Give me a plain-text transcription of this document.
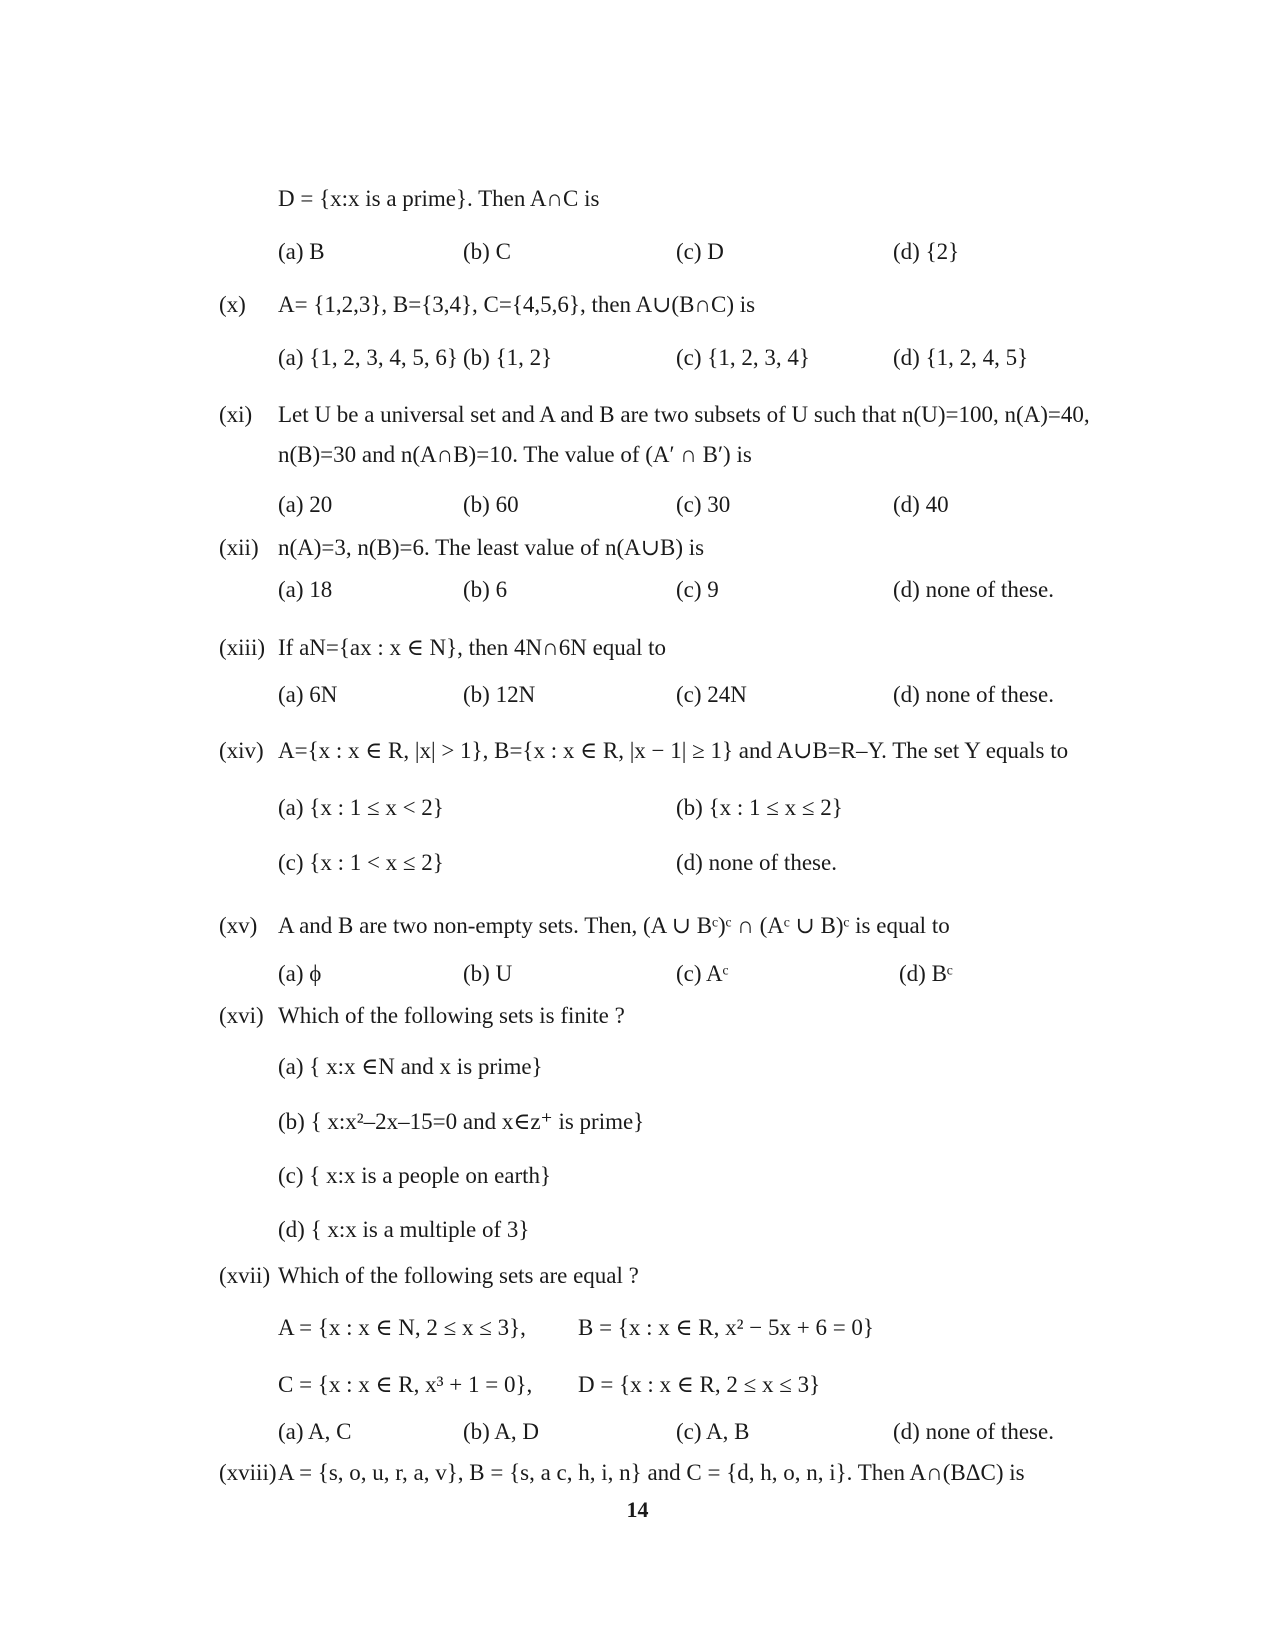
D = {x:x is a prime}. Then A∩C is
(a) B	(b) C	(c) D	(d) {2}
(x) A= {1,2,3}, B={3,4}, C={4,5,6}, then A∪(B∩C) is
(a) {1, 2, 3, 4, 5, 6} (b) {1, 2}	(c) {1, 2, 3, 4}	(d) {1, 2, 4, 5}
(xi) Let U be a universal set and A and B are two subsets of U such that n(U)=100, n(A)=40,
n(B)=30 and n(A∩B)=10. The value of (A′ ∩ B′) is
(a) 20	(b) 60	(c) 30	(d) 40
(xii) n(A)=3, n(B)=6. The least value of n(A∪B) is
(a) 18	(b) 6	(c) 9	(d) none of these.
(xiii) If aN={ax : x ∈ N}, then 4N∩6N equal to
(a) 6N	(b) 12N	(c) 24N	(d) none of these.
(xiv) A={x : x ∈ R, |x| > 1}, B={x : x ∈ R, |x − 1| ≥ 1} and A∪B=R–Y. The set Y equals to
(a) {x : 1 ≤ x < 2}	(b) {x : 1 ≤ x ≤ 2}
(c) {x : 1 < x ≤ 2}	(d) none of these.
(xv) A and B are two non-empty sets. Then, (A ∪ Bᶜ)ᶜ ∩ (Aᶜ ∪ B)ᶜ is equal to
(a) ϕ	(b) U	(c) Aᶜ	(d) Bᶜ
(xvi) Which of the following sets is finite ?
(a) { x:x ∈N and x is prime}
(b) { x:x²–2x–15=0 and x∈z⁺ is prime}
(c) { x:x is a people on earth}
(d) { x:x is a multiple of 3}
(xvii) Which of the following sets are equal ?
A = {x : x ∈ N, 2 ≤ x ≤ 3}, B = {x : x ∈ R, x² − 5x + 6 = 0}
C = {x : x ∈ R, x³ + 1 = 0}, D = {x : x ∈ R, 2 ≤ x ≤ 3}
(a) A, C	(b) A, D	(c) A, B	(d) none of these.
(xviii) A = {s, o, u, r, a, v}, B = {s, a c, h, i, n} and C = {d, h, o, n, i}. Then A∩(BΔC) is
14
